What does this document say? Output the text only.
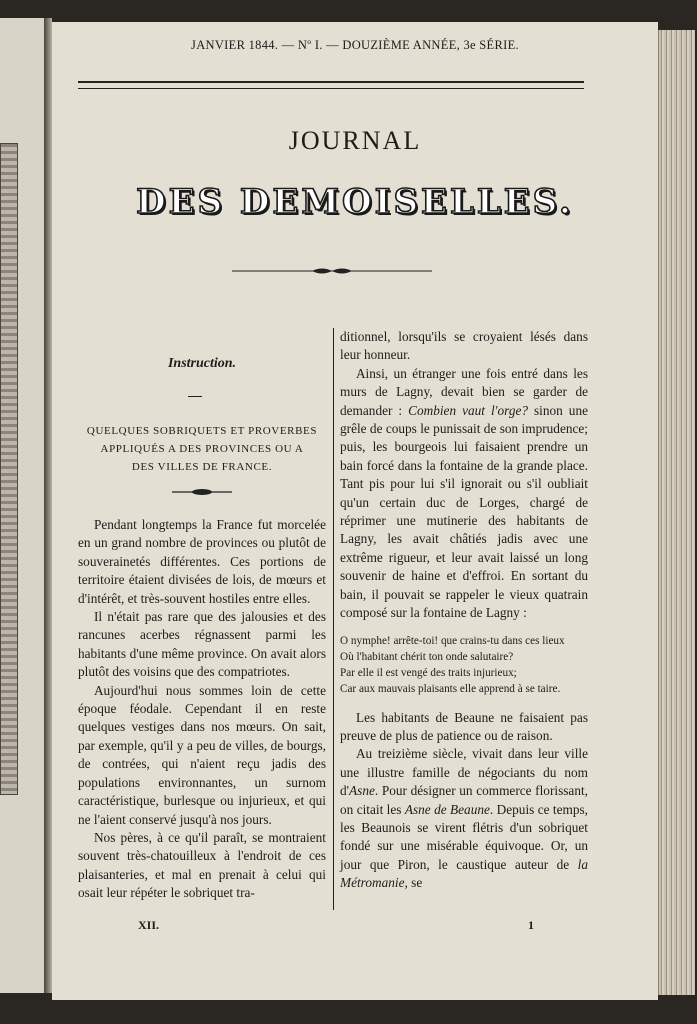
JANVIER 1844. — Nº I. — DOUZIÈME ANNÉE, 3e SÉRIE.
JOURNAL
DES DEMOISELLES.
Instruction.
QUELQUES SOBRIQUETS ET PROVERBES
APPLIQUÉS A DES PROVINCES OU A
DES VILLES DE FRANCE.

Pendant longtemps la France fut morcelée en un grand nombre de provinces ou plutôt de souverainetés différentes. Ces portions de territoire étaient divisées de lois, de mœurs et d'intérêt, et très-souvent hostiles entre elles.

Il n'était pas rare que des jalousies et des rancunes acerbes régnassent parmi les habitants d'une même province. On avait alors plutôt des voisins que des compatriotes.

Aujourd'hui nous sommes loin de cette époque féodale. Cependant il en reste quelques vestiges dans nos mœurs. On sait, par exemple, qu'il y a peu de villes, de bourgs, de contrées, qui n'aient reçu jadis des populations environnantes, un surnom caractéristique, burlesque ou injurieux, et qui ne l'aient conservé jusqu'à nos jours.

Nos pères, à ce qu'il paraît, se montraient souvent très-chatouilleux à l'endroit de ces plaisanteries, et mal en prenait à celui qui osait leur répéter le sobriquet tra-

ditionnel, lorsqu'ils se croyaient lésés dans leur honneur.

Ainsi, un étranger une fois entré dans les murs de Lagny, devait bien se garder de demander : Combien vaut l'orge? sinon une grêle de coups le punissait de son imprudence; puis, les bourgeois lui faisaient prendre un bain forcé dans la fontaine de la grande place. Tant pis pour lui s'il ignorait ou s'il oubliait qu'un certain duc de Lorges, chargé de réprimer une mutinerie des habitants de Lagny, les avait châtiés jadis avec une extrême rigueur, et leur avait laissé un long souvenir de haine et d'effroi. En sortant du bain, il pouvait se rappeler le vieux quatrain composé sur la fontaine de Lagny :

O nymphe! arrête-toi! que crains-tu dans ces lieux
Où l'habitant chérit ton onde salutaire?
Par elle il est vengé des traits injurieux;
Car aux mauvais plaisants elle apprend à se taire.

Les habitants de Beaune ne faisaient pas preuve de plus de patience ou de raison.

Au treizième siècle, vivait dans leur ville une illustre famille de négociants du nom d'Asne. Pour désigner un commerce florissant, on citait les Asne de Beaune. Depuis ce temps, les Beaunois se virent flétris d'un sobriquet fondé sur une misérable équivoque. Or, un jour que Piron, le caustique auteur de la Métromanie, se

XII.	1
